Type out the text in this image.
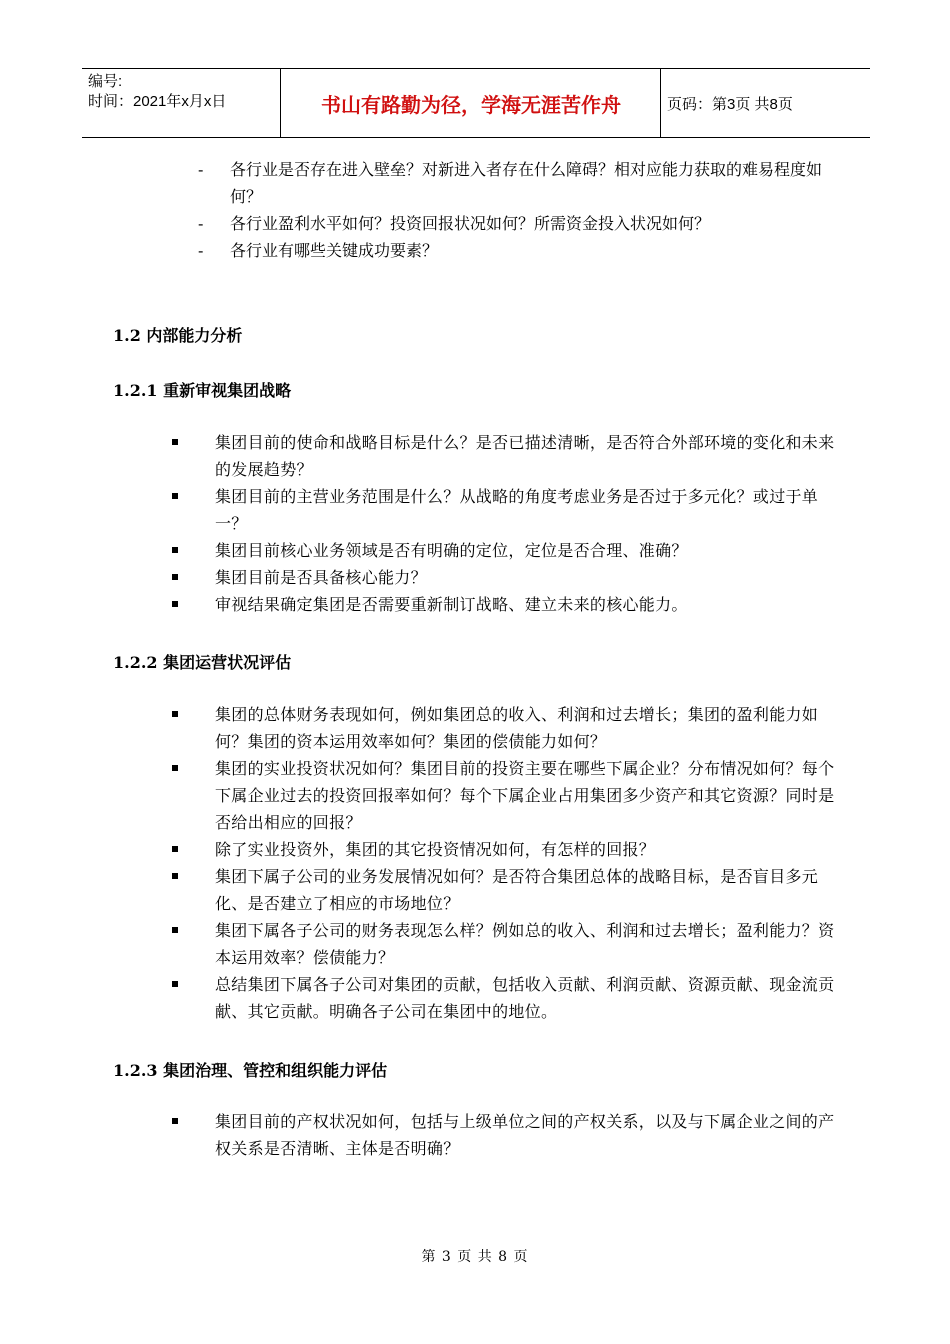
编号:
时间：2021年x月x日	书山有路勤为径，学海无涯苦作舟	页码：第3页 共8页
- 各行业是否存在进入壁垒？对新进入者存在什么障碍？相对应能力获取的难易程度如何？
- 各行业盈利水平如何？投资回报状况如何？所需资金投入状况如何？
- 各行业有哪些关键成功要素？
1.2 内部能力分析
1.2.1 重新审视集团战略
集团目前的使命和战略目标是什么？是否已描述清晰，是否符合外部环境的变化和未来的发展趋势？
集团目前的主营业务范围是什么？从战略的角度考虑业务是否过于多元化？或过于单一？
集团目前核心业务领域是否有明确的定位，定位是否合理、准确？
集团目前是否具备核心能力？
审视结果确定集团是否需要重新制订战略、建立未来的核心能力。
1.2.2 集团运营状况评估
集团的总体财务表现如何，例如集团总的收入、利润和过去增长；集团的盈利能力如何？集团的资本运用效率如何？集团的偿债能力如何？
集团的实业投资状况如何？集团目前的投资主要在哪些下属企业？分布情况如何？每个下属企业过去的投资回报率如何？每个下属企业占用集团多少资产和其它资源？同时是否给出相应的回报？
除了实业投资外，集团的其它投资情况如何，有怎样的回报？
集团下属子公司的业务发展情况如何？是否符合集团总体的战略目标，是否盲目多元化、是否建立了相应的市场地位？
集团下属各子公司的财务表现怎么样？例如总的收入、利润和过去增长；盈利能力？资本运用效率？偿债能力？
总结集团下属各子公司对集团的贡献，包括收入贡献、利润贡献、资源贡献、现金流贡献、其它贡献。明确各子公司在集团中的地位。
1.2.3 集团治理、管控和组织能力评估
集团目前的产权状况如何，包括与上级单位之间的产权关系，以及与下属企业之间的产权关系是否清晰、主体是否明确？
第 3 页 共 8 页
